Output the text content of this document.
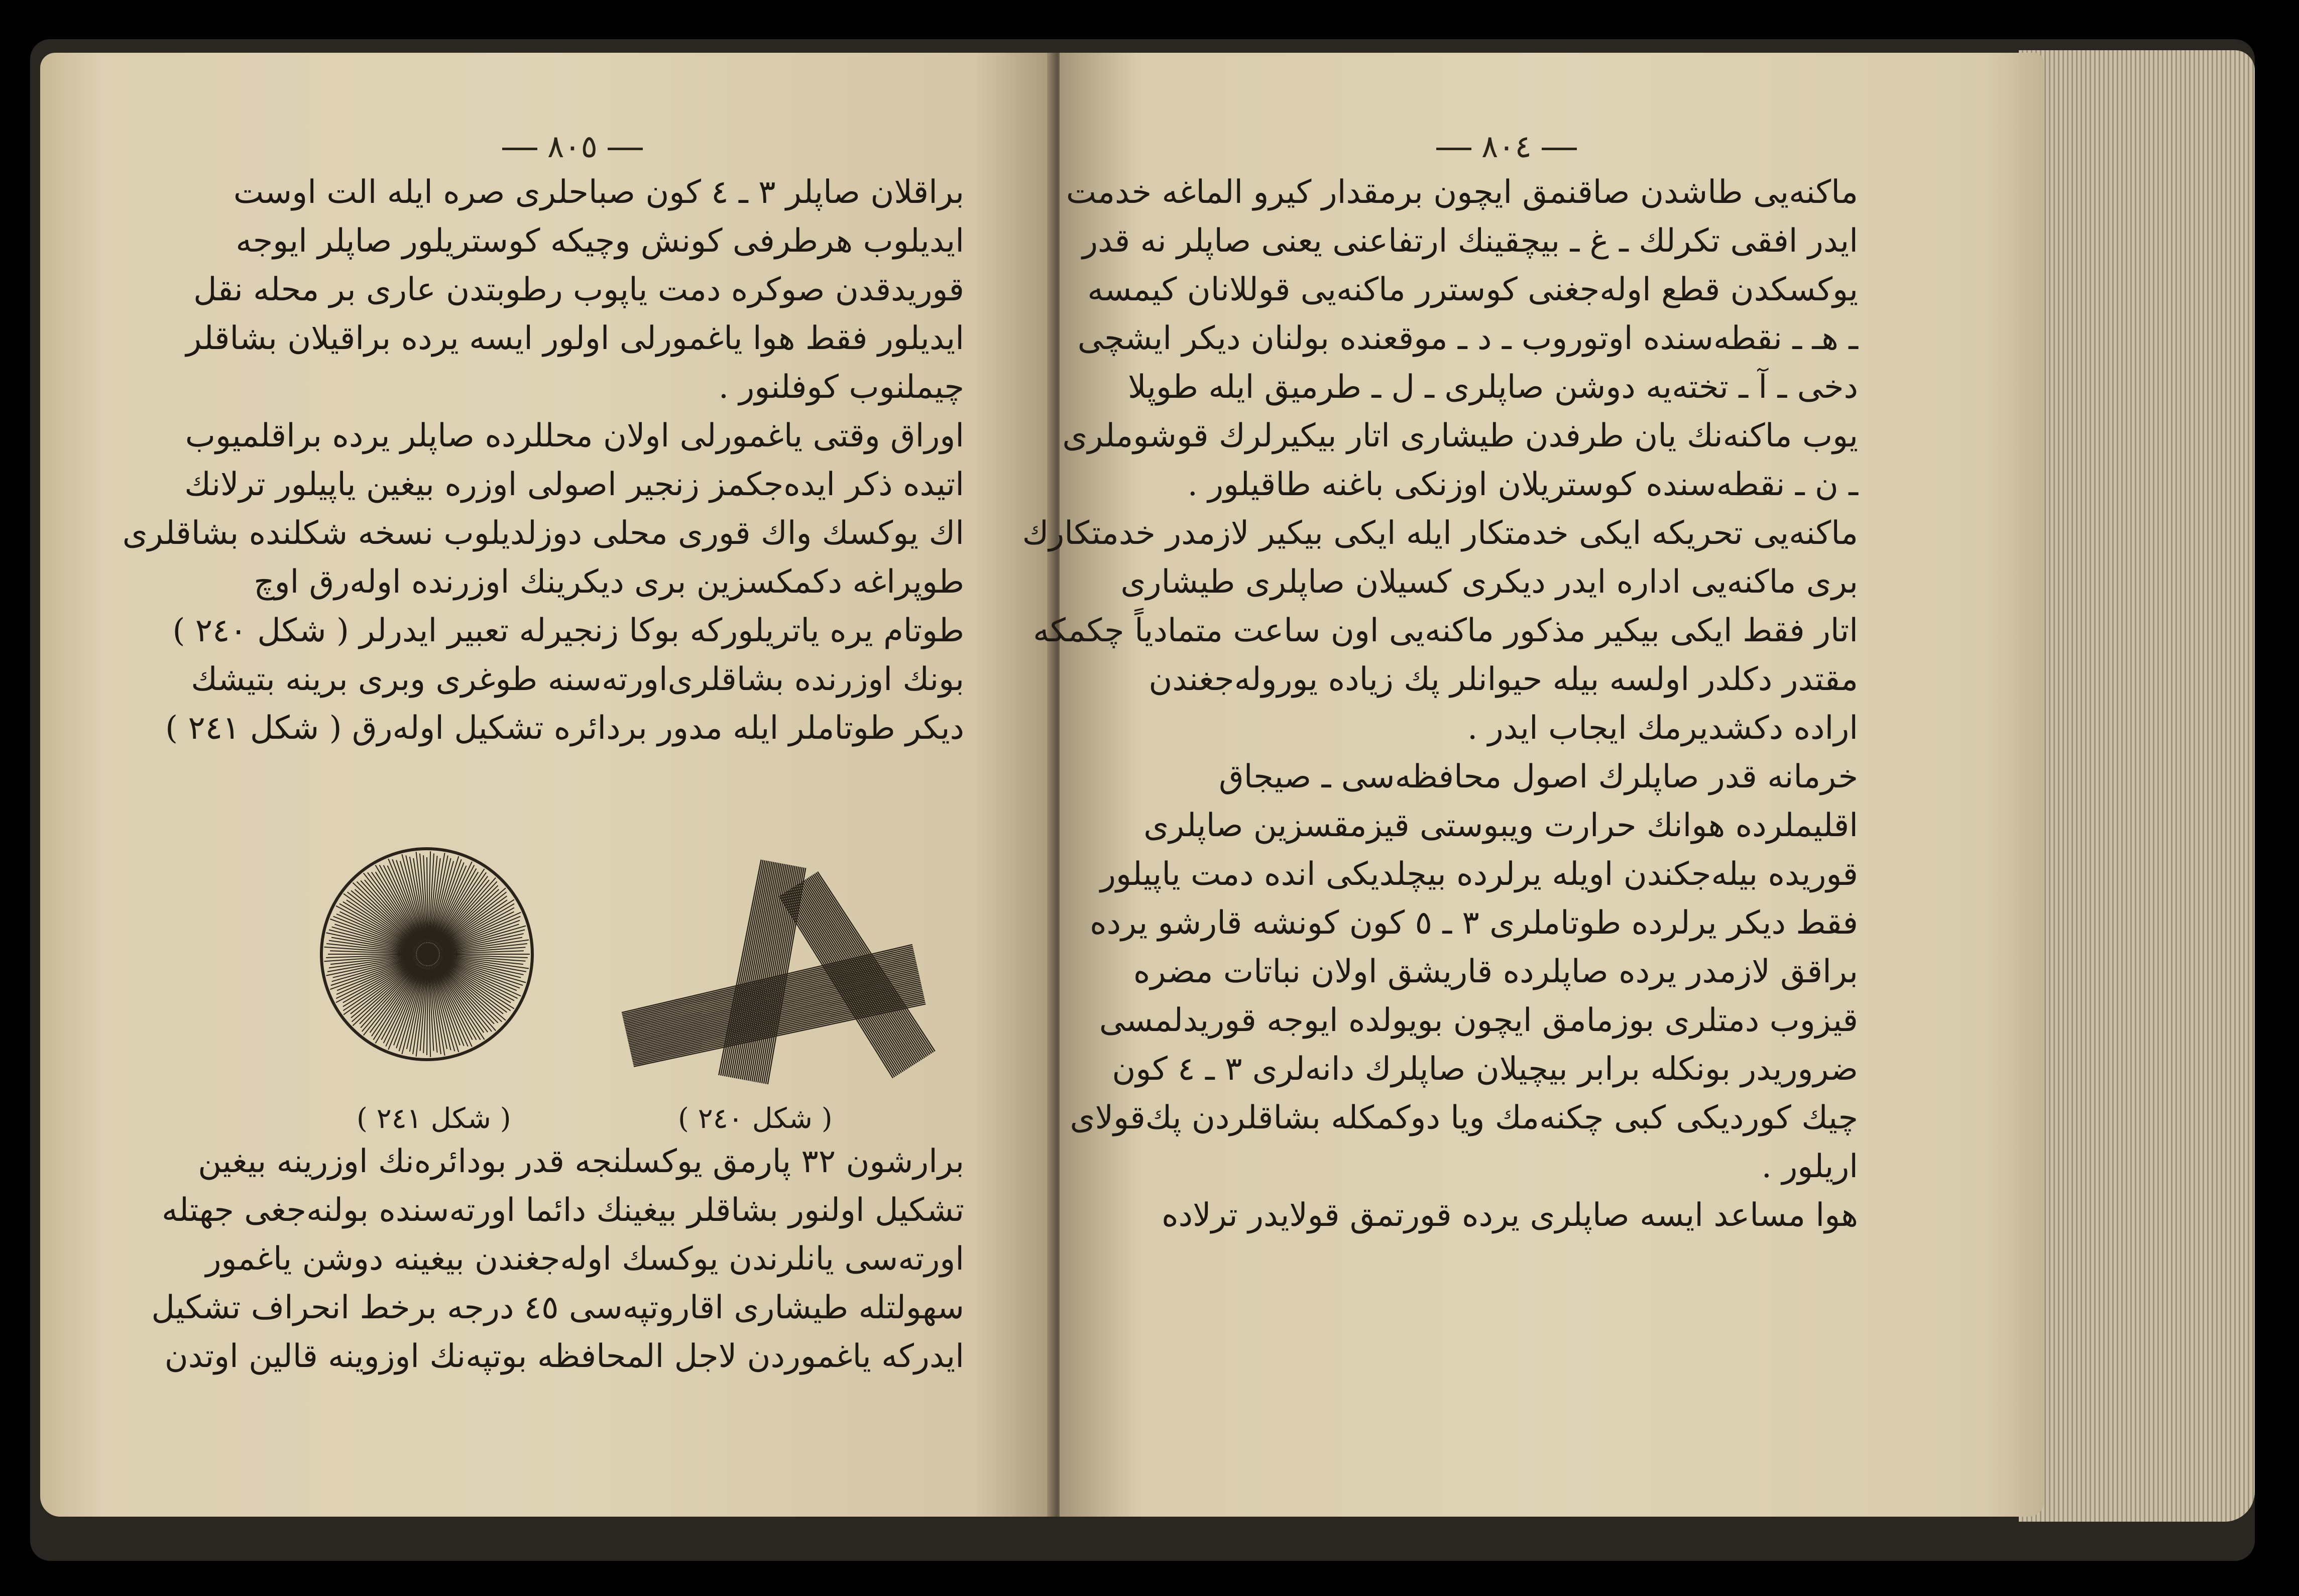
٨٠٥

براقلان صاپلر ٣ ـ ٤ كون صباحلری صره ایله الت اوست

ایدیلوب هرطرفی كونش وچیكه كوستریلور صاپلر ایوجه

قوریدقدن صوكره دمت یاپوب رطوبتدن عاری بر محله نقل

ایدیلور فقط هوا یاغمورلی اولور ایسه یرده براقیلان بشاقلر

چیملنوب كوفلنور .

اوراق وقتی یاغمورلی اولان محللرده صاپلر یرده براقلمیوب

اتیده ذكر ایده‌جكمز زنجیر اصولی اوزره بیغین یاپیلور ترلانك

اك یوكسك واك قوری محلی دوزلدیلوب نسخه شكلنده بشاقلری

طوپراغه دكمكسزین بری دیكرینك اوزرنده اوله‌رق اوچ

طوتام یره یاتریلوركه بوكا زنجیرله تعبیر ایدرلر ( شكل ٢٤٠ )

بونك اوزرنده بشاقلری‌اورته‌سنه طوغری وبری برینه بتیشك

دیكر طوتاملر ایله مدور بردائره تشكیل اوله‌رق ( شكل ٢٤١ )

( شكل ٢٤١ )	( شكل ٢٤٠ )

برارشون ٣٢ پارمق یوكسلنجه قدر بودائره‌نك اوزرینه بیغین

تشكیل اولنور بشاقلر بیغینك دائما اورته‌سنده بولنه‌جغی جهتله

اورته‌سی یانلرندن یوكسك اوله‌جغندن بیغینه دوشن یاغمور

سهولتله طیشاری اقاروتپه‌سی ٤٥ درجه برخط انحراف تشكیل

ایدركه یاغموردن لاجل المحافظه بوتپه‌نك اوزوینه قالین اوتدن

٨٠٤

ماكنه‌یی طاشدن صاقنمق ایچون برمقدار كیرو الماغه خدمت

ایدر افقی تكرلك ـ غ ـ بیچقینك ارتفاعنی یعنی صاپلر نه قدر

یوكسكدن قطع اوله‌جغنی كوسترر ماكنه‌یی قوللانان كیمسه

ـ هـ ـ نقطه‌سنده اوتوروب ـ د ـ موقعنده بولنان دیكر ایشچی

دخی ـ آ ـ تخته‌یه دوشن صاپلری ـ ل ـ طرمیق ایله طوپلا

یوب ماكنه‌نك یان طرفدن طیشاری اتار بیكیرلرك قوشوملری

ـ ن ـ نقطه‌سنده كوستریلان اوزنكی باغنه طاقیلور .

ماكنه‌یی تحریكه ایكی خدمتكار ایله ایكی بیكیر لازمدر خدمتكارك

بری ماكنه‌یی اداره ایدر دیكری كسیلان صاپلری طیشاری

اتار فقط ایكی بیكیر مذكور ماكنه‌یی اون ساعت متمادیاً چكمكه

مقتدر دكلدر اولسه بیله حیوانلر پك زیاده یوروله‌جغندن

اراده دكشدیرمك ایجاب ایدر .

خرمانه قدر صاپلرك اصول محافظه‌سی ـ صیجاق

اقلیملرده هوانك حرارت ویبوستی قیزمقسزین صاپلری

قوریده بیله‌جكندن اویله یرلرده بیچلدیكی انده دمت یاپیلور

فقط دیكر یرلرده طوتاملری ٣ ـ ٥ كون كونشه قارشو یرده

براقق لازمدر یرده صاپلرده قاریشق اولان نباتات مضره

قیزوب دمتلری بوزمامق ایچون بویولده ایوجه قوریدلمسی

ضروریدر بونكله برابر بیچیلان صاپلرك دانه‌لری ٣ ـ ٤ كون

چیك كوردیكی كبی چكنه‌مك ویا دوكمكله بشاقلردن پك‌قولای

اریلور .

هوا مساعد ایسه صاپلری یرده قورتمق قولایدر ترلاده
